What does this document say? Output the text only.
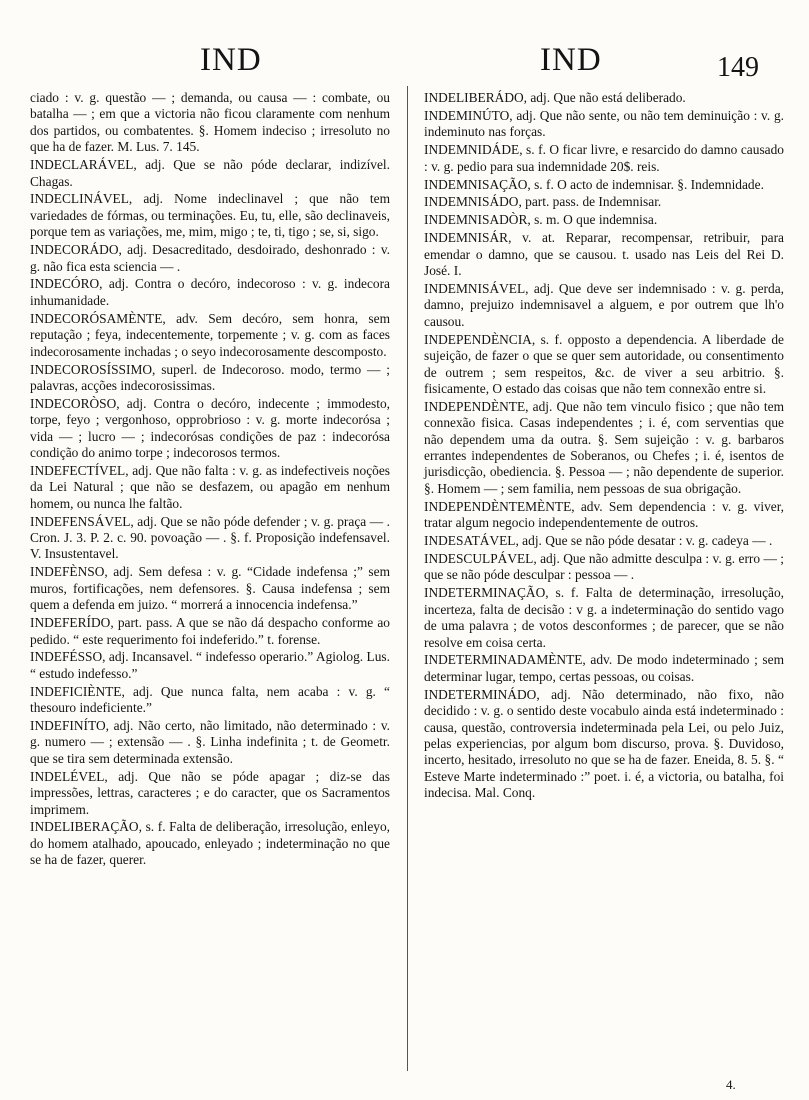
IND	IND	149

ciado : v. g. questão — ; demanda, ou causa — : combate, ou batalha — ; em que a victoria não ficou claramente com nenhum dos partidos, ou combatentes. §. Homem indeciso ; irresoluto no que ha de fazer. M. Lus. 7. 145.

INDECLARÁVEL, adj. Que se não póde declarar, indizível. Chagas.

INDECLINÁVEL, adj. Nome indeclinavel ; que não tem variedades de fórmas, ou terminações. Eu, tu, elle, são declinaveis, porque tem as variações, me, mim, migo ; te, ti, tigo ; se, si, sigo.

INDECORÁDO, adj. Desacreditado, desdoirado, deshonrado : v. g. não fica esta sciencia — .

INDECÓRO, adj. Contra o decóro, indecoroso : v. g. indecora inhumanidade.

INDECORÓSAMÈNTE, adv. Sem decóro, sem honra, sem reputação ; feya, indecentemente, torpemente ; v. g. com as faces indecorosamente inchadas ; o seyo indecorosamente descomposto.

INDECOROSÍSSIMO, superl. de Indecoroso. modo, termo — ; palavras, acções indecorosissimas.

INDECORÒSO, adj. Contra o decóro, indecente ; immodesto, torpe, feyo ; vergonhoso, opprobrioso : v. g. morte indecorósa ; vida — ; lucro — ; indecorósas condições de paz : indecorósa condição do animo torpe ; indecorosos termos.

INDEFECTÍVEL, adj. Que não falta : v. g. as indefectiveis noções da Lei Natural ; que não se desfazem, ou apagão em nenhum homem, ou nunca lhe faltão.

INDEFENSÁVEL, adj. Que se não póde defender ; v. g. praça — . Cron. J. 3. P. 2. c. 90. povoação — . §. f. Proposição indefensavel. V. Insustentavel.

INDEFÈNSO, adj. Sem defesa : v. g. “Cidade indefensa ;” sem muros, fortificações, nem defensores. §. Causa indefensa ; sem quem a defenda em juizo. “ morrerá a innocencia indefensa.”

INDEFERÍDO, part. pass. A que se não dá despacho conforme ao pedido. “ este requerimento foi indeferido.” t. forense.

INDEFÉSSO, adj. Incansavel. “ indefesso operario.” Agiolog. Lus. “ estudo indefesso.”

INDEFICIÈNTE, adj. Que nunca falta, nem acaba : v. g. “ thesouro indeficiente.”

INDEFINÍTO, adj. Não certo, não limitado, não determinado : v. g. numero — ; extensão — . §. Linha indefinita ; t. de Geometr. que se tira sem determinada extensão.

INDELÉVEL, adj. Que não se póde apagar ; diz-se das impressões, lettras, caracteres ; e do caracter, que os Sacramentos imprimem.

INDELIBERAÇÃO, s. f. Falta de deliberação, irresolução, enleyo, do homem atalhado, apoucado, enleyado ; indeterminação no que se ha de fazer, querer.

INDELIBERÁDO, adj. Que não está deliberado.

INDEMINÚTO, adj. Que não sente, ou não tem deminuição : v. g. indeminuto nas forças.

INDEMNIDÁDE, s. f. O ficar livre, e resarcido do damno causado : v. g. pedio para sua indemnidade 20$. reis.

INDEMNISAÇÃO, s. f. O acto de indemnisar. §. Indemnidade.

INDEMNISÁDO, part. pass. de Indemnisar.

INDEMNISADÒR, s. m. O que indemnisa.

INDEMNISÁR, v. at. Reparar, recompensar, retribuir, para emendar o damno, que se causou. t. usado nas Leis del Rei D. José. I.

INDEMNISÁVEL, adj. Que deve ser indemnisado : v. g. perda, damno, prejuizo indemnisavel a alguem, e por outrem que lh'o causou.

INDEPENDÈNCIA, s. f. opposto a dependencia. A liberdade de sujeição, de fazer o que se quer sem autoridade, ou consentimento de outrem ; sem respeitos, &c. de viver a seu arbitrio. §. fisicamente, O estado das coisas que não tem connexão entre si.

INDEPENDÈNTE, adj. Que não tem vinculo fisico ; que não tem connexão fisica. Casas independentes ; i. é, com serventias que não dependem uma da outra. §. Sem sujeição : v. g. barbaros errantes independentes de Soberanos, ou Chefes ; i. é, isentos de jurisdicção, obediencia. §. Pessoa — ; não dependente de superior. §. Homem — ; sem familia, nem pessoas de sua obrigação.

INDEPENDÈNTEMÈNTE, adv. Sem dependencia : v. g. viver, tratar algum negocio independentemente de outros.

INDESATÁVEL, adj. Que se não póde desatar : v. g. cadeya — .

INDESCULPÁVEL, adj. Que não admitte desculpa : v. g. erro — ; que se não póde desculpar : pessoa — .

INDETERMINAÇÃO, s. f. Falta de determinação, irresolução, incerteza, falta de decisão : v g. a indeterminação do sentido vago de uma palavra ; de votos desconformes ; de parecer, que se não resolve em coisa certa.

INDETERMINADAMÈNTE, adv. De modo indeterminado ; sem determinar lugar, tempo, certas pessoas, ou coisas.

INDETERMINÁDO, adj. Não determinado, não fixo, não decidido : v. g. o sentido deste vocabulo ainda está indeterminado : causa, questão, controversia indeterminada pela Lei, ou pelo Juiz, pelas experiencias, por algum bom discurso, prova. §. Duvidoso, incerto, hesitado, irresoluto no que se ha de fazer. Eneida, 8. 5. §. “ Esteve Marte indeterminado :” poet. i. é, a victoria, ou batalha, foi indecisa. Mal. Conq.

4.
